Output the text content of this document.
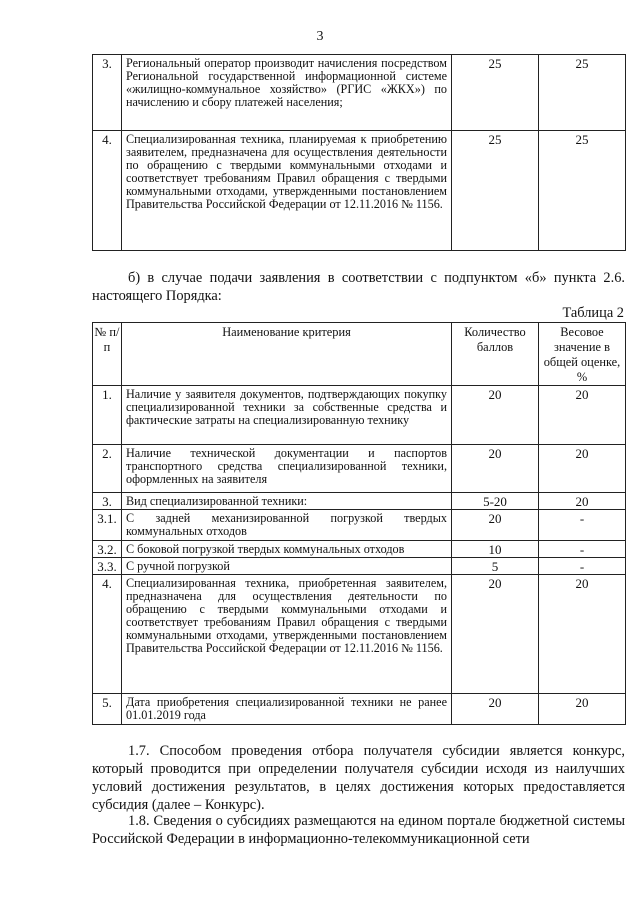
3
3.	Региональный оператор производит начисления посредством Региональной государственной информационной системе «жилищно-коммунальное хозяйство» (РГИС «ЖКХ») по начислению и сбору платежей населения;	25	25
4.	Специализированная техника, планируемая к приобретению заявителем, предназначена для осуществления деятельности по обращению с твердыми коммунальными отходами и соответствует требованиям Правил обращения с твердыми коммунальными отходами, утвержденными постановлением Правительства Российской Федерации от 12.11.2016 № 1156.	25	25
б) в случае подачи заявления в соответствии с подпунктом «б» пункта 2.6. настоящего Порядка:
Таблица 2
№ п/п	Наименование критерия	Количество баллов	Весовое значение в общей оценке, %
1.	Наличие у заявителя документов, подтверждающих покупку специализированной техники за собственные средства и фактические затраты на специализированную технику	20	20
2.	Наличие технической документации и паспортов транспортного средства специализированной техники, оформленных на заявителя	20	20
3.	Вид специализированной техники:	5-20	20
3.1.	С задней механизированной погрузкой твердых коммунальных отходов	20	-
3.2.	С боковой погрузкой твердых коммунальных отходов	10	-
3.3.	С ручной погрузкой	5	-
4.	Специализированная техника, приобретенная заявителем, предназначена для осуществления деятельности по обращению с твердыми коммунальными отходами и соответствует требованиям Правил обращения с твердыми коммунальными отходами, утвержденными постановлением Правительства Российской Федерации от 12.11.2016 № 1156.	20	20
5.	Дата приобретения специализированной техники не ранее 01.01.2019 года	20	20
1.7. Способом проведения отбора получателя субсидии является конкурс, который проводится при определении получателя субсидии исходя из наилучших условий достижения результатов, в целях достижения которых предоставляется субсидия (далее – Конкурс).
1.8. Сведения о субсидиях размещаются на едином портале бюджетной системы Российской Федерации в информационно-телекоммуникационной сети
